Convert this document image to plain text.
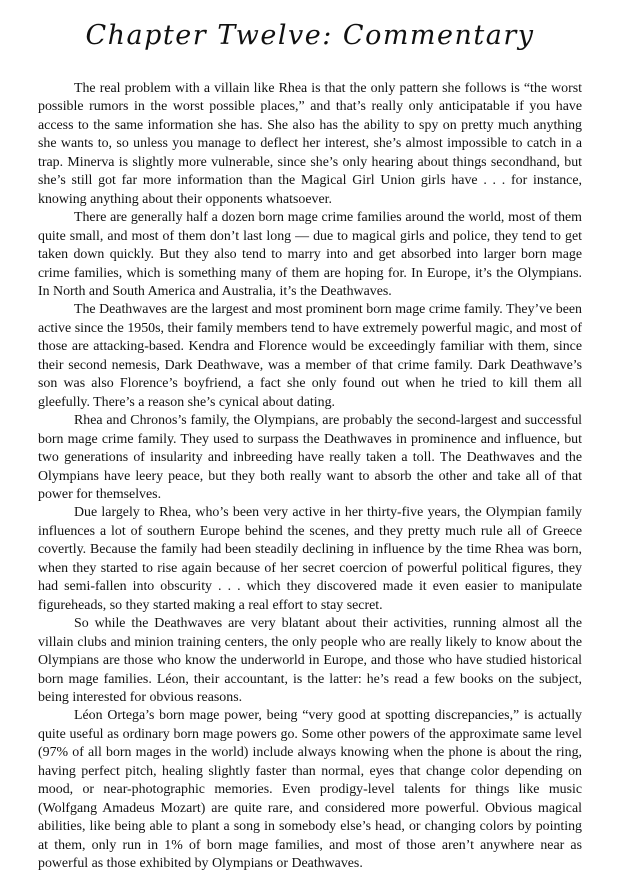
Chapter Twelve: Commentary

The real problem with a villain like Rhea is that the only pattern she follows is “the worst possible rumors in the worst possible places,” and that’s really only anticipatable if you have access to the same information she has. She also has the ability to spy on pretty much anything she wants to, so unless you manage to deflect her interest, she’s almost impossible to catch in a trap. Minerva is slightly more vulnerable, since she’s only hearing about things secondhand, but she’s still got far more information than the Magical Girl Union girls have . . . for instance, knowing anything about their opponents whatsoever.

There are generally half a dozen born mage crime families around the world, most of them quite small, and most of them don’t last long — due to magical girls and police, they tend to get taken down quickly. But they also tend to marry into and get absorbed into larger born mage crime families, which is something many of them are hoping for. In Europe, it’s the Olympians. In North and South America and Australia, it’s the Deathwaves.

The Deathwaves are the largest and most prominent born mage crime family. They’ve been active since the 1950s, their family members tend to have extremely powerful magic, and most of those are attacking-based. Kendra and Florence would be exceedingly familiar with them, since their second nemesis, Dark Deathwave, was a member of that crime family. Dark Deathwave’s son was also Florence’s boyfriend, a fact she only found out when he tried to kill them all gleefully. There’s a reason she’s cynical about dating.

Rhea and Chronos’s family, the Olympians, are probably the second-largest and successful born mage crime family. They used to surpass the Deathwaves in prominence and influence, but two generations of insularity and inbreeding have really taken a toll. The Deathwaves and the Olympians have leery peace, but they both really want to absorb the other and take all of that power for themselves.

Due largely to Rhea, who’s been very active in her thirty-five years, the Olympian family influences a lot of southern Europe behind the scenes, and they pretty much rule all of Greece covertly. Because the family had been steadily declining in influence by the time Rhea was born, when they started to rise again because of her secret coercion of powerful political figures, they had semi-fallen into obscurity . . . which they discovered made it even easier to manipulate figureheads, so they started making a real effort to stay secret.

So while the Deathwaves are very blatant about their activities, running almost all the villain clubs and minion training centers, the only people who are really likely to know about the Olympians are those who know the underworld in Europe, and those who have studied historical born mage families. Léon, their accountant, is the latter: he’s read a few books on the subject, being interested for obvious reasons.

Léon Ortega’s born mage power, being “very good at spotting discrepancies,” is actually quite useful as ordinary born mage powers go. Some other powers of the approximate same level (97% of all born mages in the world) include always knowing when the phone is about the ring, having perfect pitch, healing slightly faster than normal, eyes that change color depending on mood, or near-photographic memories. Even prodigy-level talents for things like music (Wolfgang Amadeus Mozart) are quite rare, and considered more powerful. Obvious magical abilities, like being able to plant a song in somebody else’s head, or changing colors by pointing at them, only run in 1% of born mage families, and most of those aren’t anywhere near as powerful as those exhibited by Olympians or Deathwaves.
